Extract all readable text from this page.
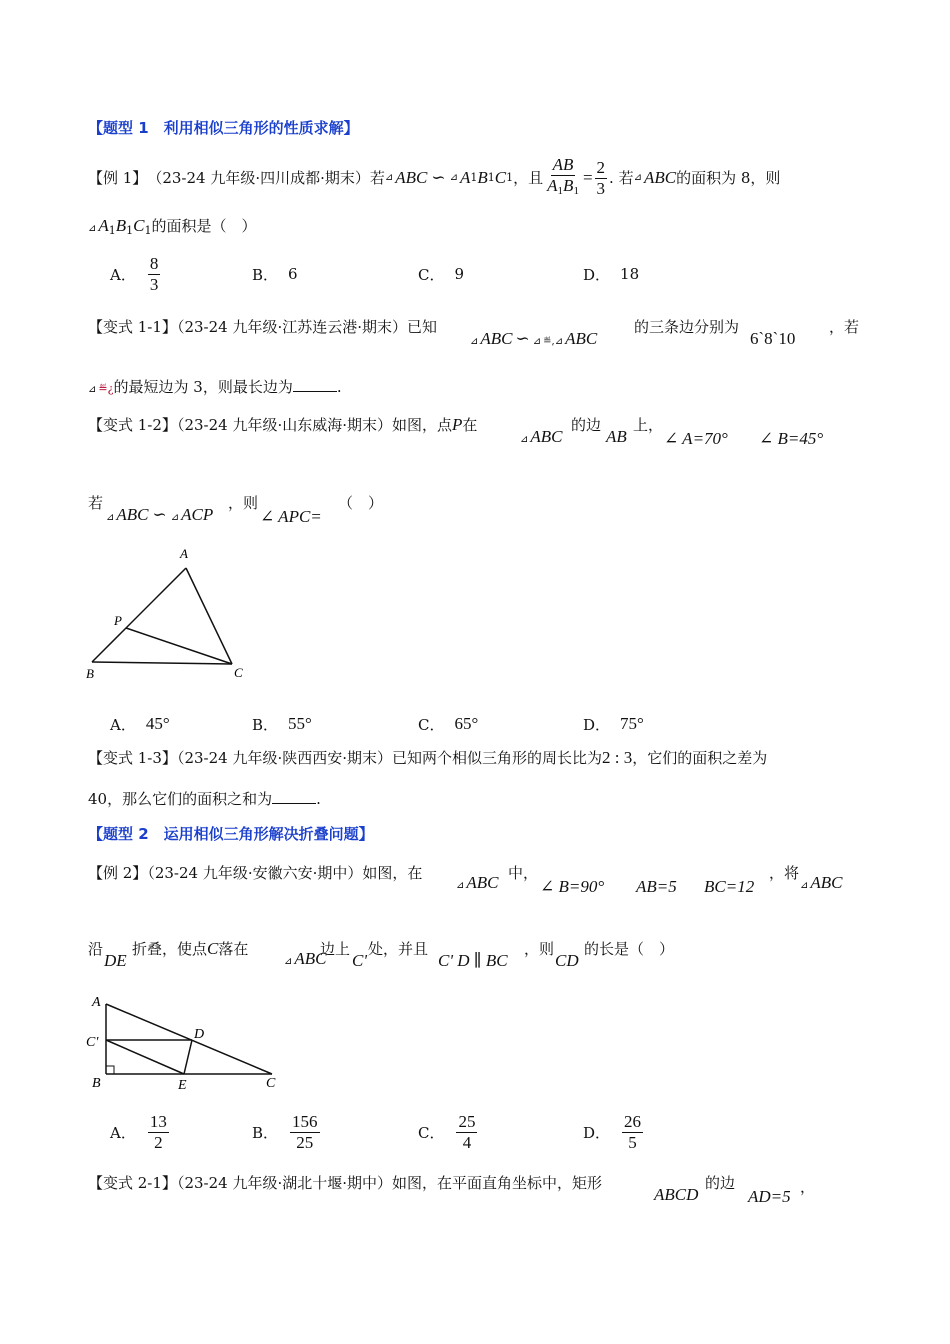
【题型 1　利用相似三角形的性质求解】
【例 1】 （23-24 九年级·四川成都·期末）若 ⊿ ABC ∽ ⊿ A 1 B 1 C 1 ，且 $\frac{AB}{A_1B_1} = \frac{2}{3}$ . 若 ⊿ ABC 的面积为 8，则
⊿ $A_1B_1C_1$的面积是（　）
A． $\frac{8}{3}$	B． 6	C． 9	D． 18
【变式 1-1】（23-24 九年级·江苏连云港·期末）已知
⊿ ABC ∽ ⊿ ≝,⊿ ABC
的三条边分别为
6`8`10
，若
⊿ ≝¿的最短边为 3，则最长边为	.
【变式 1-2】（23-24 九年级·山东威海·期末）如图，点P在
⊿ ABC
的边
AB
上，
∠ A=70° ∠ B=45°
若
⊿ ABC ∽ ⊿ ACP
，则
∠ APC=
（　）
A
P
B	C
A． 45°	B． 55°	C． 65°	D． 75°
【变式 1-3】（23-24 九年级·陕西西安·期末）已知两个相似三角形的周长比为2 : 3，它们的面积之差为
40，那么它们的面积之和为	.
【题型 2　运用相似三角形解决折叠问题】
【例 2】（23-24 九年级·安徽六安·期中）如图，在
⊿ ABC 中，
∠ B=90° AB=5 BC=12
，将
⊿ ABC
沿
DE
折叠，使点C落在
⊿ ABC
边上
C'
处，并且
C' D ∥ BC
，则
CD
的长是（　）
A
C′
B
D
E	C
A． $\frac{13}{2}$	B． $\frac{156}{25}$	C． $\frac{25}{4}$	D． $\frac{26}{5}$
【变式 2-1】（23-24 九年级·湖北十堰·期中）如图，在平面直角坐标中，矩形
ABCD
的边
AD=5 ，
